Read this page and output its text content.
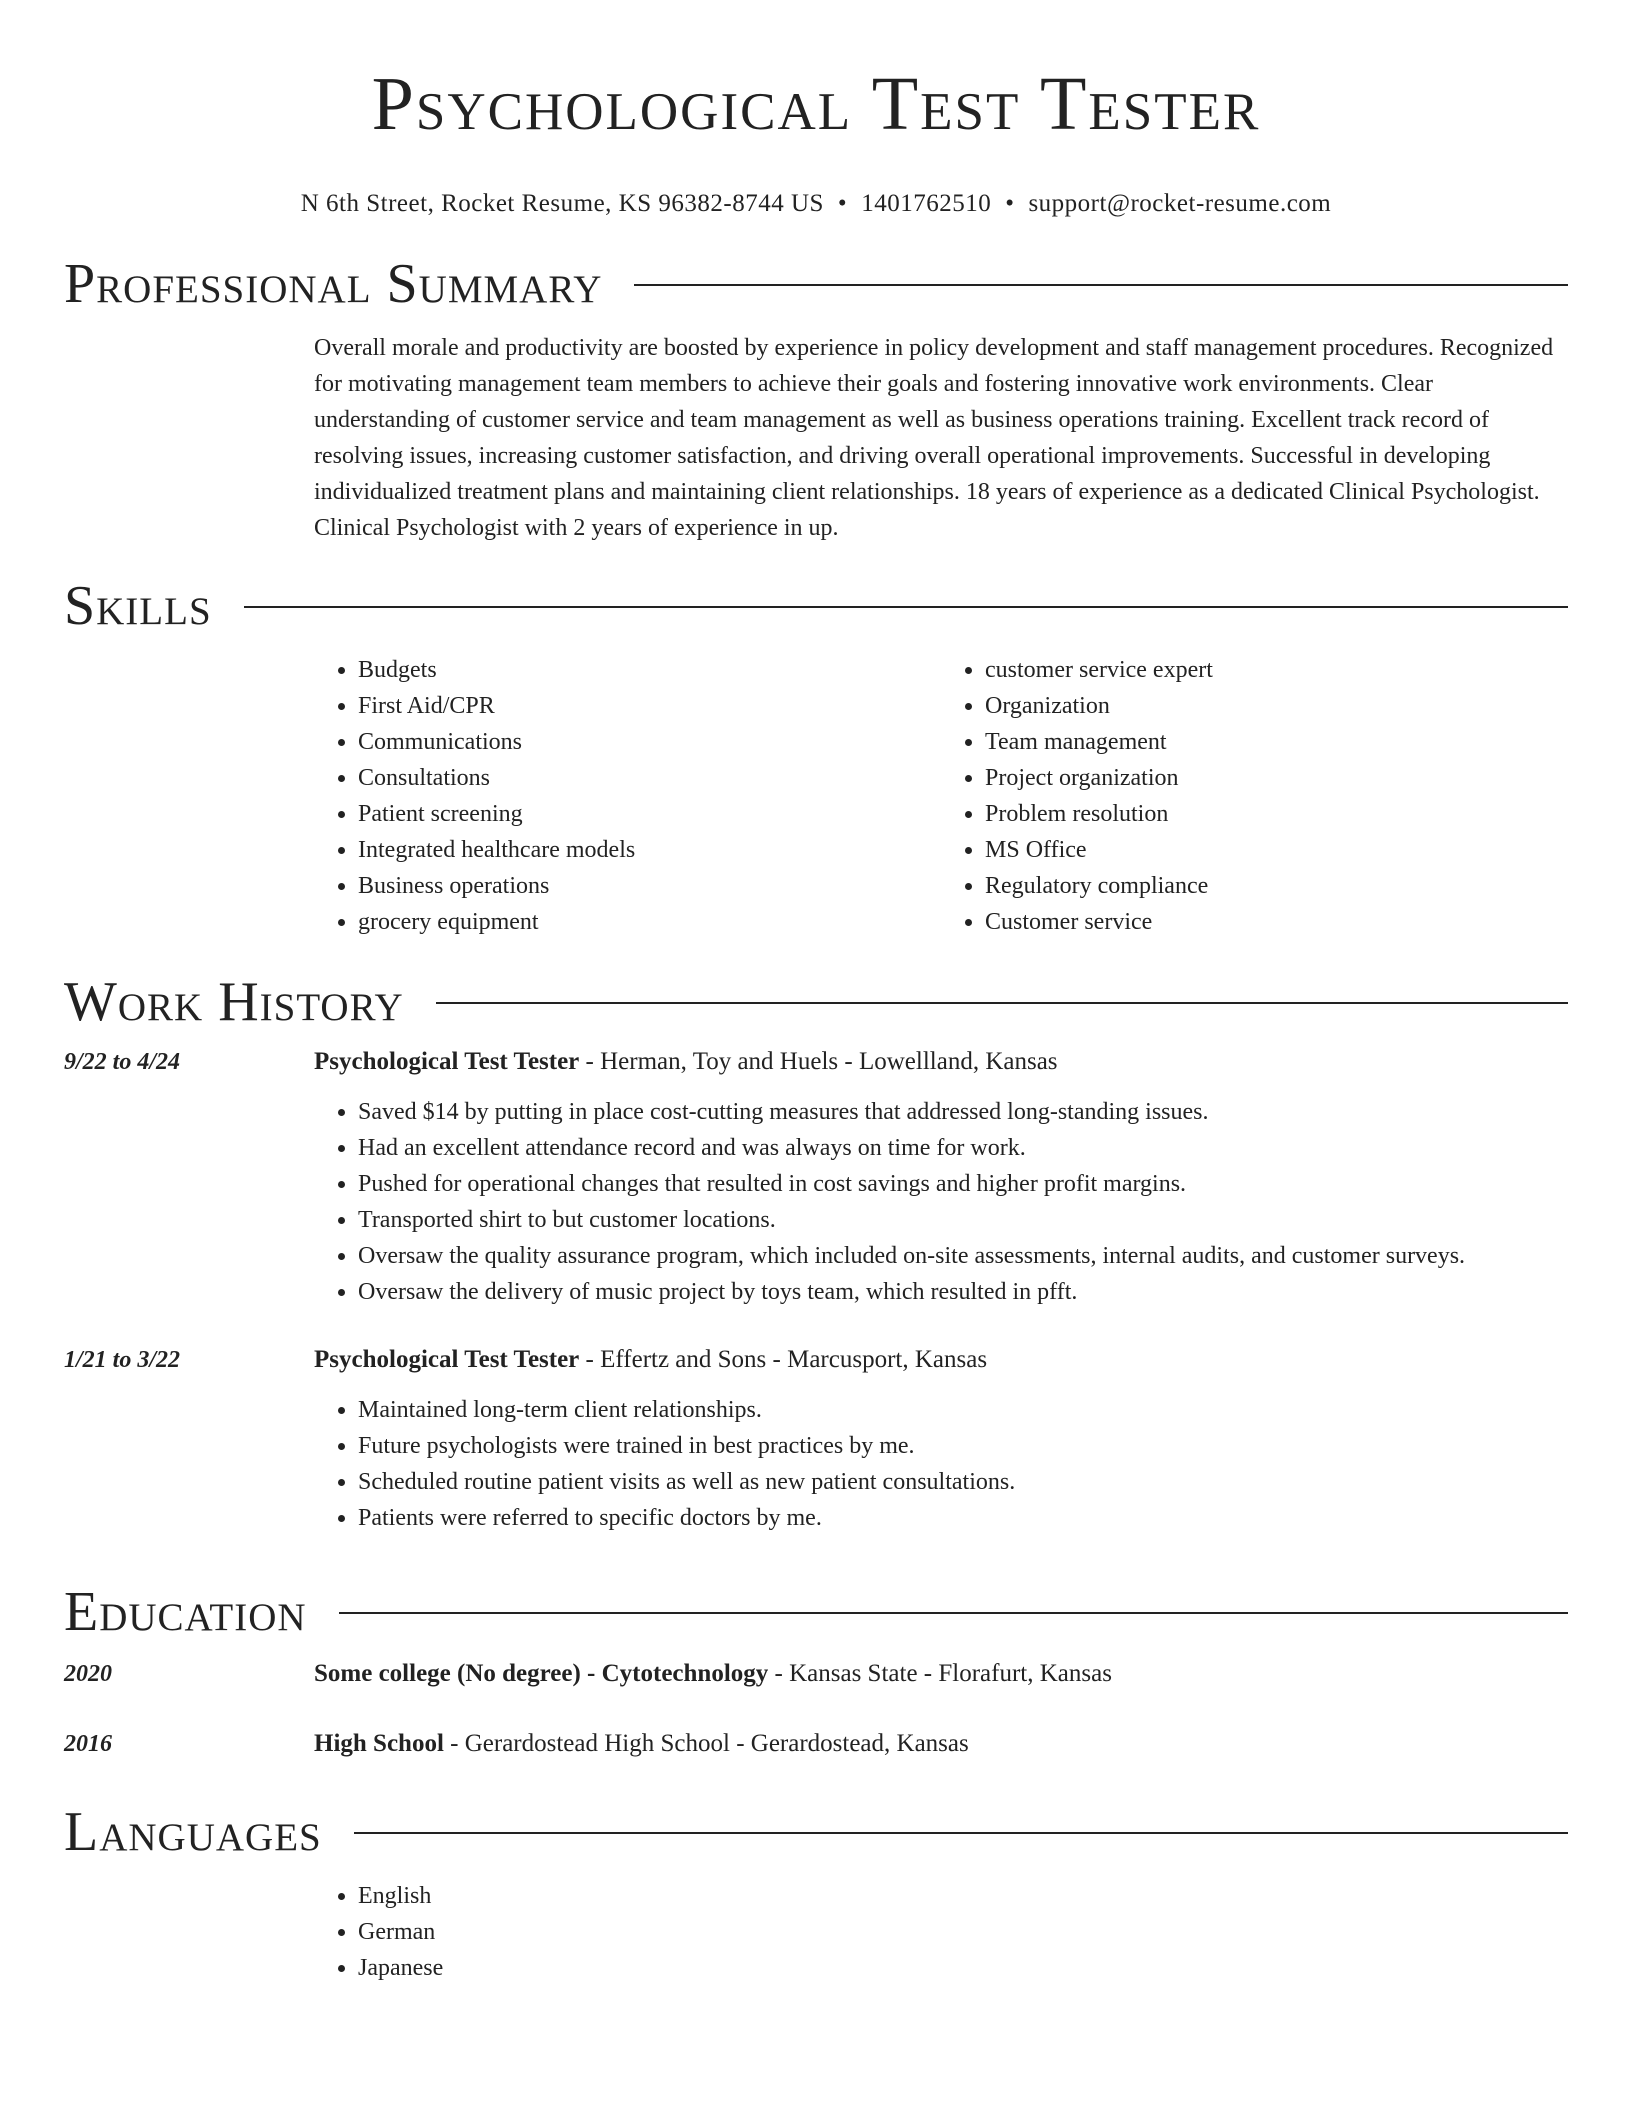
Psychological Test Tester
N 6th Street, Rocket Resume, KS 96382-8744 US • 1401762510 • support@rocket-resume.com
Professional Summary
Overall morale and productivity are boosted by experience in policy development and staff management procedures. Recognized for motivating management team members to achieve their goals and fostering innovative work environments. Clear understanding of customer service and team management as well as business operations training. Excellent track record of resolving issues, increasing customer satisfaction, and driving overall operational improvements. Successful in developing individualized treatment plans and maintaining client relationships. 18 years of experience as a dedicated Clinical Psychologist. Clinical Psychologist with 2 years of experience in up.
Skills
• Budgets
• First Aid/CPR
• Communications
• Consultations
• Patient screening
• Integrated healthcare models
• Business operations
• grocery equipment
• customer service expert
• Organization
• Team management
• Project organization
• Problem resolution
• MS Office
• Regulatory compliance
• Customer service
Work History
9/22 to 4/24	Psychological Test Tester - Herman, Toy and Huels - Lowellland, Kansas
• Saved $14 by putting in place cost-cutting measures that addressed long-standing issues.
• Had an excellent attendance record and was always on time for work.
• Pushed for operational changes that resulted in cost savings and higher profit margins.
• Transported shirt to but customer locations.
• Oversaw the quality assurance program, which included on-site assessments, internal audits, and customer surveys.
• Oversaw the delivery of music project by toys team, which resulted in pfft.
1/21 to 3/22	Psychological Test Tester - Effertz and Sons - Marcusport, Kansas
• Maintained long-term client relationships.
• Future psychologists were trained in best practices by me.
• Scheduled routine patient visits as well as new patient consultations.
• Patients were referred to specific doctors by me.
Education
2020	Some college (No degree) - Cytotechnology - Kansas State - Florafurt, Kansas
2016	High School - Gerardostead High School - Gerardostead, Kansas
Languages
• English
• German
• Japanese
